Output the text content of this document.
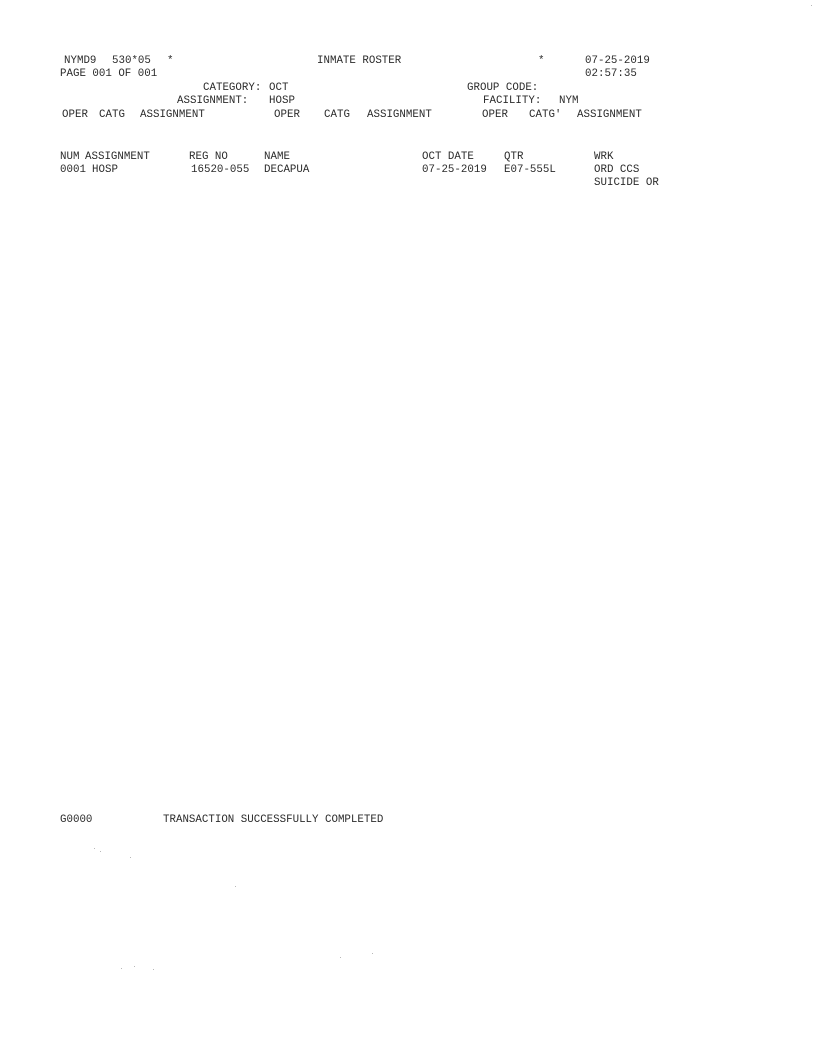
NYMD9 530*05 *	INMATE ROSTER	*	07-25-2019
PAGE 001 OF 001	02:57:35
CATEGORY: OCT	GROUP CODE:
ASSIGNMENT: HOSP	FACILITY: NYM
OPER CATG ASSIGNMENT	OPER CATG ASSIGNMENT	OPER CATG' ASSIGNMENT
NUM ASSIGNMENT	REG NO	NAME	OCT DATE	QTR	WRK
0001 HOSP	16520-055 DECAPUA	07-25-2019 E07-555L	ORD CCS
SUICIDE OR
G0000	TRANSACTION SUCCESSFULLY COMPLETED
